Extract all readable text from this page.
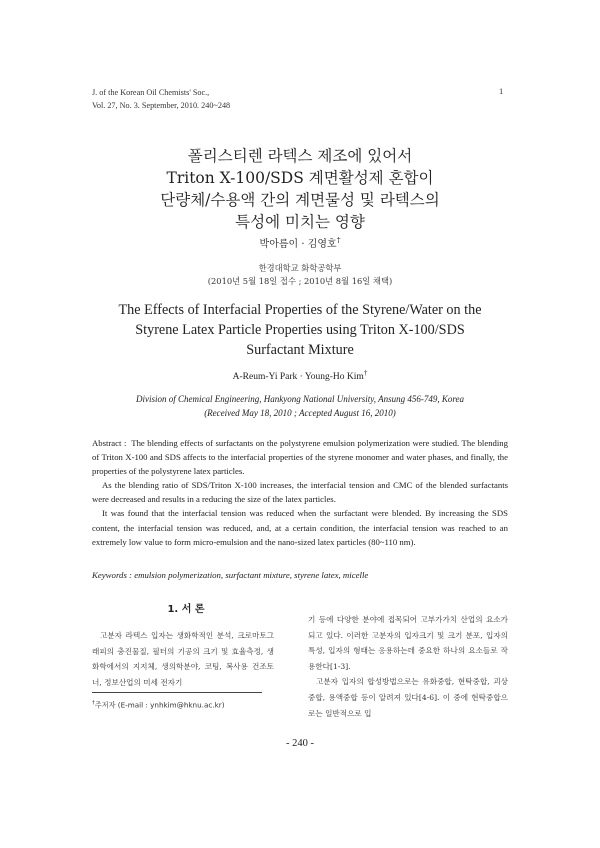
J. of the Korean Oil Chemists' Soc.,
Vol. 27, No. 3. September, 2010. 240~248
1
폴리스티렌 라텍스 제조에 있어서
Triton X-100/SDS 계면활성제 혼합이
단량체/수용액 간의 계면물성 및 라텍스의
특성에 미치는 영향
박아름이 · 김영호†
한경대학교 화학공학부
(2010년 5월 18일 접수 ; 2010년 8월 16일 채택)
The Effects of Interfacial Properties of the Styrene/Water on the
Styrene Latex Particle Properties using Triton X-100/SDS
Surfactant Mixture
A-Reum-Yi Park · Young-Ho Kim†
Division of Chemical Engineering, Hankyong National University, Ansung 456-749, Korea
(Received May 18, 2010 ; Accepted August 16, 2010)

Abstract : The blending effects of surfactants on the polystyrene emulsion polymerization were studied. The blending of Triton X-100 and SDS affects to the interfacial properties of the styrene monomer and water phases, and finally, the properties of the polystyrene latex particles.

As the blending ratio of SDS/Triton X-100 increases, the interfacial tension and CMC of the blended surfactants were decreased and results in a reducing the size of the latex particles.

It was found that the interfacial tension was reduced when the surfactant were blended. By increasing the SDS content, the interfacial tension was reduced, and, at a certain condition, the interfacial tension was reached to an extremely low value to form micro-emulsion and the nano-sized latex particles (80~110 nm).

Keywords : emulsion polymerization, surfactant mixture, styrene latex, micelle
1. 서 론

고분자 라텍스 입자는 생화학적인 분석, 크로마토그래피의 충진물질, 필터의 기공의 크기 및 효율측정, 생화학에서의 지지체, 생의학분야, 코팅, 복사용 건조토너, 정보산업의 미세 전자기

기 등에 다양한 분야에 접목되어 고부가가치 산업의 요소가 되고 있다. 이러한 고분자의 입자크기 및 크기 분포, 입자의 특성, 입자의 형태는 응용하는데 중요한 하나의 요소들로 작용한다[1-3].

고분자 입자의 합성방법으로는 유화중합, 현탁중합, 괴상중합, 용액중합 등이 알려져 있다[4-6]. 이 중에 현탁중합으로는 일반적으로 입

†주저자 (E-mail : ynhkim@hknu.ac.kr)
- 240 -
